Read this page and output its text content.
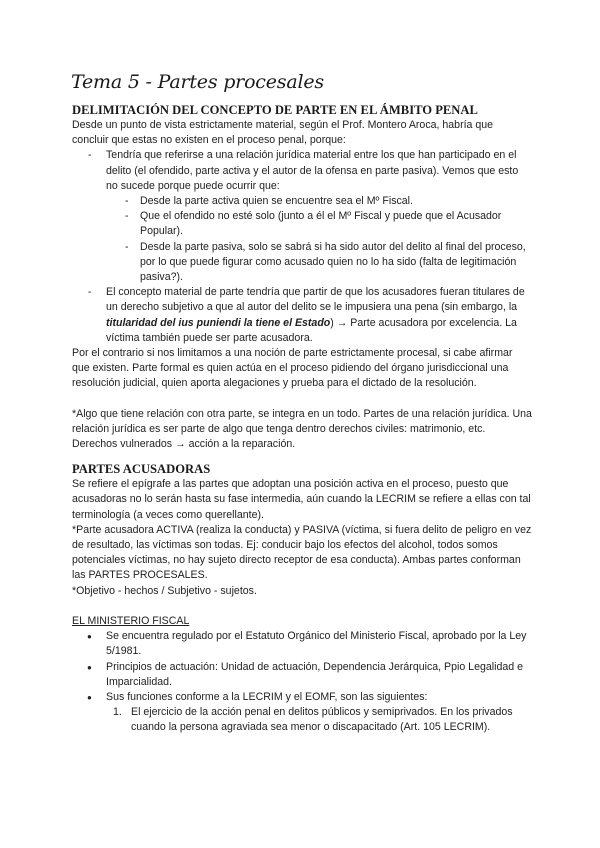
Tema 5 - Partes procesales
DELIMITACIÓN DEL CONCEPTO DE PARTE EN EL ÁMBITO PENAL

Desde un punto de vista estrictamente material, según el Prof. Montero Aroca, habría que concluir que estas no existen en el proceso penal, porque:

- Tendría que referirse a una relación jurídica material entre los que han participado en el delito (el ofendido, parte activa y el autor de la ofensa en parte pasiva). Vemos que esto no sucede porque puede ocurrir que:
- Desde la parte activa quien se encuentre sea el Mº Fiscal.
- Que el ofendido no esté solo (junto a él el Mº Fiscal y puede que el Acusador Popular).
- Desde la parte pasiva, solo se sabrá si ha sido autor del delito al final del proceso, por lo que puede figurar como acusado quien no lo ha sido (falta de legitimación pasiva?).
- El concepto material de parte tendría que partir de que los acusadores fueran titulares de un derecho subjetivo a que al autor del delito se le impusiera una pena (sin embargo, la titularidad del ius puniendi la tiene el Estado) → Parte acusadora por excelencia. La víctima también puede ser parte acusadora.

Por el contrario si nos limitamos a una noción de parte estrictamente procesal, si cabe afirmar que existen. Parte formal es quien actúa en el proceso pidiendo del órgano jurisdiccional una resolución judicial, quien aporta alegaciones y prueba para el dictado de la resolución.

*Algo que tiene relación con otra parte, se integra en un todo. Partes de una relación jurídica. Una relación jurídica es ser parte de algo que tenga dentro derechos civiles: matrimonio, etc. Derechos vulnerados → acción a la reparación.

PARTES ACUSADORAS

Se refiere el epígrafe a las partes que adoptan una posición activa en el proceso, puesto que acusadoras no lo serán hasta su fase intermedia, aún cuando la LECRIM se refiere a ellas con tal terminología (a veces como querellante).

*Parte acusadora ACTIVA (realiza la conducta) y PASIVA (víctima, si fuera delito de peligro en vez de resultado, las víctimas son todas. Ej: conducir bajo los efectos del alcohol, todos somos potenciales víctimas, no hay sujeto directo receptor de esa conducta). Ambas partes conforman las PARTES PROCESALES.

*Objetivo - hechos / Subjetivo - sujetos.

EL MINISTERIO FISCAL

● Se encuentra regulado por el Estatuto Orgánico del Ministerio Fiscal, aprobado por la Ley 5/1981.
● Principios de actuación: Unidad de actuación, Dependencia Jerárquica, Ppio Legalidad e Imparcialidad.
● Sus funciones conforme a la LECRIM y el EOMF, son las siguientes:
1. El ejercicio de la acción penal en delitos públicos y semiprivados. En los privados cuando la persona agraviada sea menor o discapacitado (Art. 105 LECRIM).
